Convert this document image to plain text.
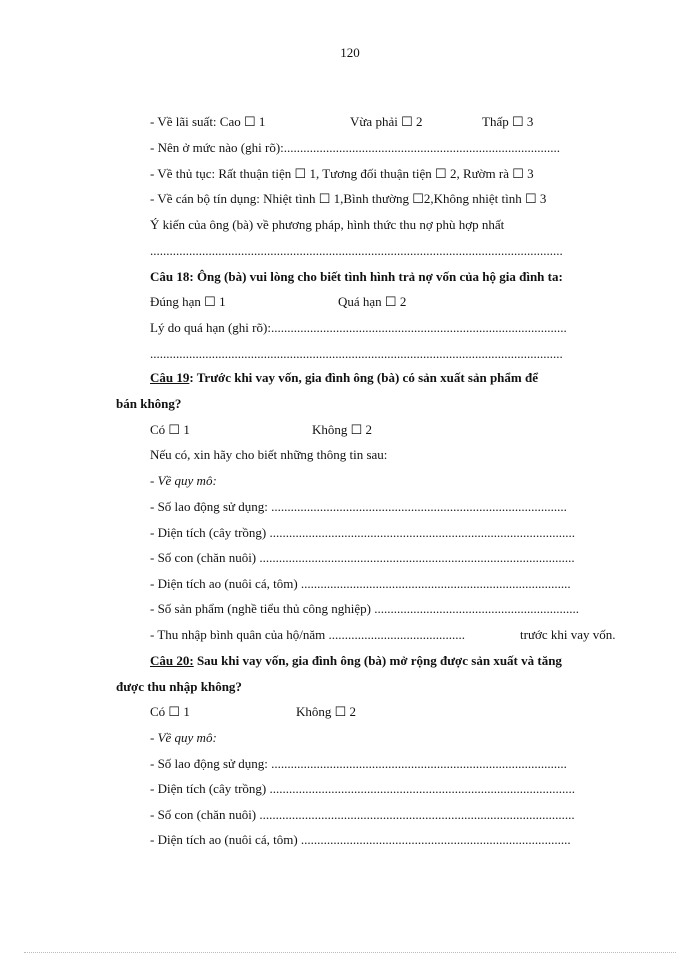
120
- Về lãi suất: Cao ☐ 1	Vừa phải ☐ 2	Thấp ☐ 3
- Nên ở mức nào (ghi rõ):.....................................................................................
- Về thủ tục: Rất thuận tiện ☐ 1, Tương đối thuận tiện ☐ 2, Rườm rà ☐ 3
- Về cán bộ tín dụng: Nhiệt tình ☐ 1,Bình thường ☐2,Không nhiệt tình ☐ 3
Ý kiến của ông (bà) về phương pháp, hình thức thu nợ phù hợp nhất
...............................................................................................................................
Câu 18: Ông (bà) vui lòng cho biết tình hình trả nợ vốn của hộ gia đình ta:
Đúng hạn ☐ 1	Quá hạn ☐ 2
Lý do quá hạn (ghi rõ):...........................................................................................
...............................................................................................................................
Câu 19: Trước khi vay vốn, gia đình ông (bà) có sản xuất sản phẩm để
bán không?
Có ☐ 1	Không ☐ 2
Nếu có, xin hãy cho biết những thông tin sau:
- Về quy mô:
- Số lao động sử dụng: ...........................................................................................
- Diện tích (cây trồng) ..............................................................................................
- Số con (chăn nuôi) .................................................................................................
- Diện tích ao (nuôi cá, tôm) ...................................................................................
- Số sản phẩm (nghề tiểu thủ công nghiệp) ...............................................................
- Thu nhập bình quân của hộ/năm ..........................................	trước khi vay vốn.
Câu 20: Sau khi vay vốn, gia đình ông (bà) mở rộng được sản xuất và tăng
được thu nhập không?
Có ☐ 1	Không ☐ 2
- Về quy mô:
- Số lao động sử dụng: ...........................................................................................
- Diện tích (cây trồng) ..............................................................................................
- Số con (chăn nuôi) .................................................................................................
- Diện tích ao (nuôi cá, tôm) ...................................................................................
